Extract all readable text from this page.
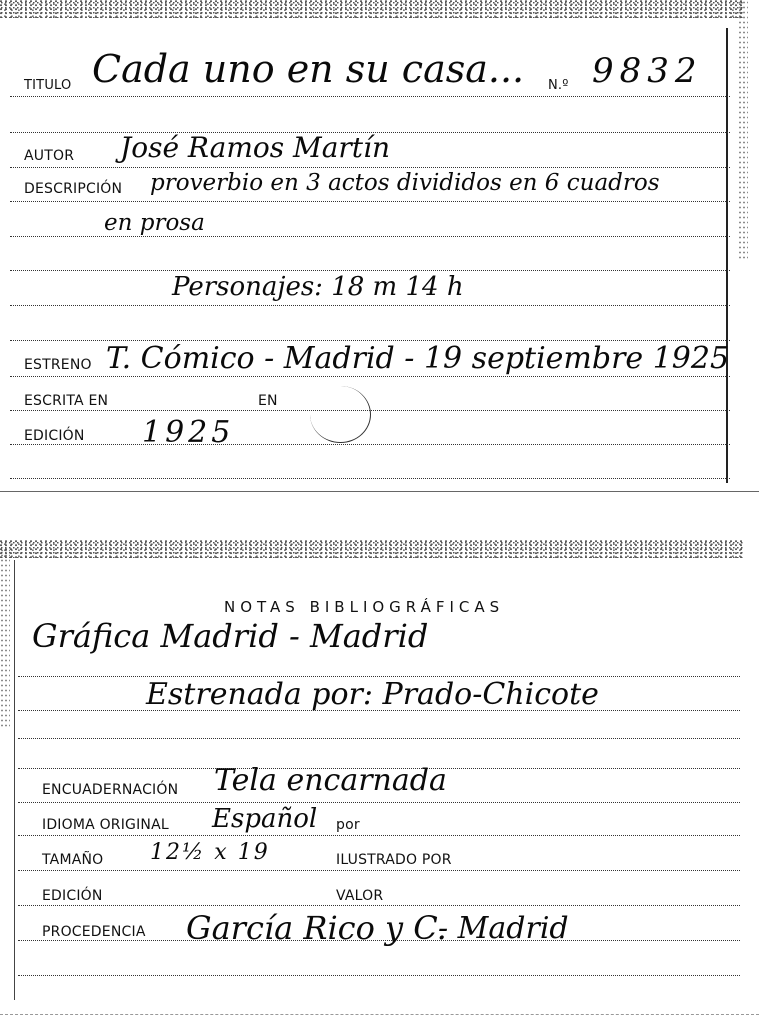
TITULO Cada uno en su casa... N.º 9832
AUTOR José Ramos Martín
DESCRIPCIÓN proverbio en 3 actos divididos en 6 cuadros
en prosa
Personajes: 18 m 14 h
ESTRENO T. Cómico - Madrid - 19 septiembre 1925
ESCRITA EN	EN
EDICIÓN 1925
NOTAS BIBLIOGRÁFICAS
Gráfica Madrid - Madrid
Estrenada por: Prado-Chicote
ENCUADERNACIÓN Tela encarnada
IDIOMA ORIGINAL Español por
TAMAÑO 12½ x 19	ILUSTRADO POR
EDICIÓN	VALOR
PROCEDENCIA García Rico y C.
- Madrid
